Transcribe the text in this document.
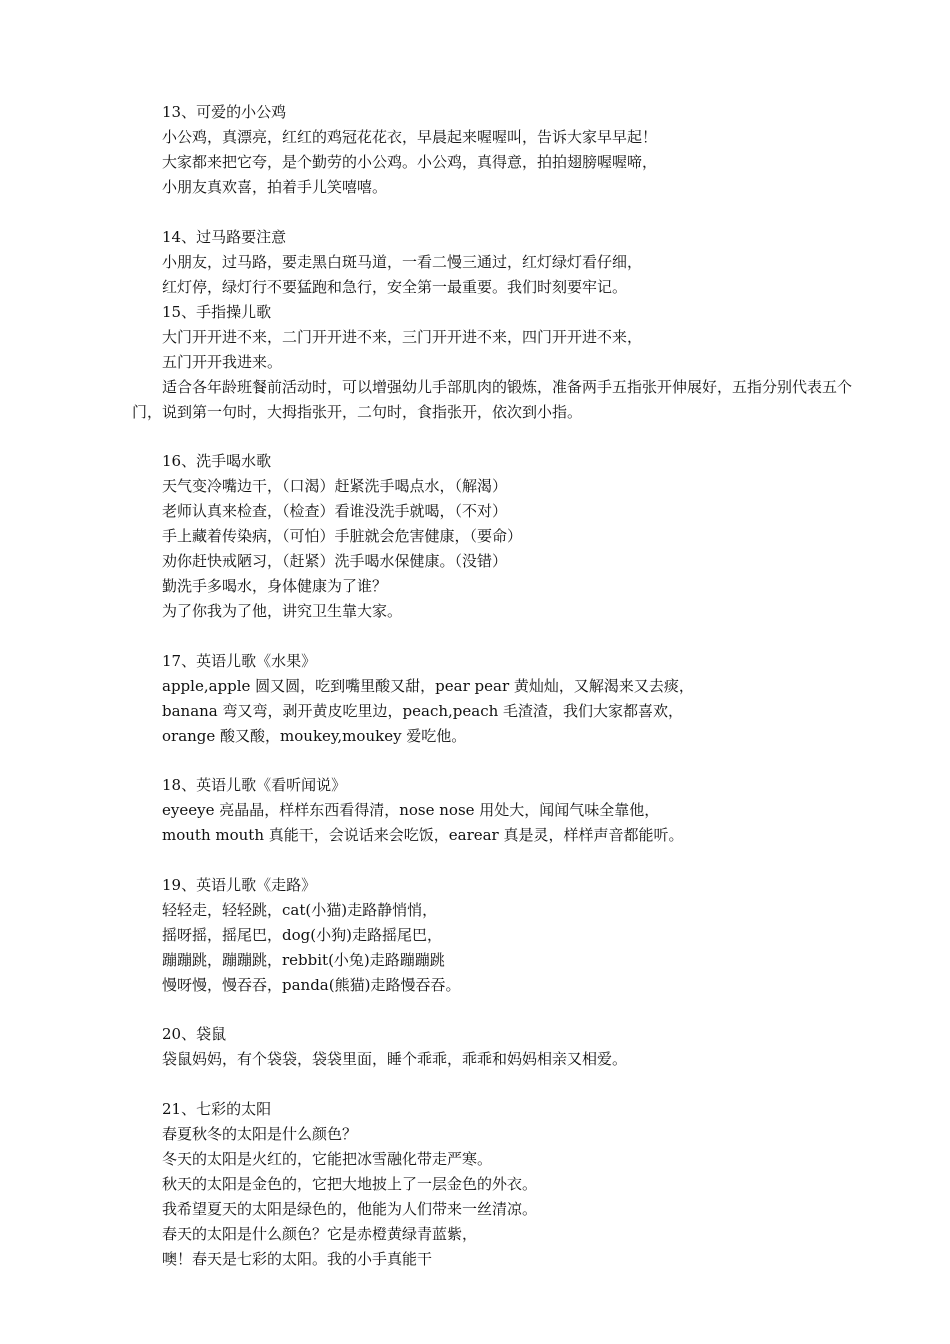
13、可爱的小公鸡
小公鸡，真漂亮，红红的鸡冠花花衣，早晨起来喔喔叫，告诉大家早早起！
大家都来把它夸，是个勤劳的小公鸡。小公鸡，真得意，拍拍翅膀喔喔啼，
小朋友真欢喜，拍着手儿笑嘻嘻。
14、过马路要注意
小朋友，过马路，要走黑白斑马道，一看二慢三通过，红灯绿灯看仔细，
红灯停，绿灯行不要猛跑和急行，安全第一最重要。我们时刻要牢记。
15、手指操儿歌
大门开开进不来，二门开开进不来，三门开开进不来，四门开开进不来，
五门开开我进来。
适合各年龄班餐前活动时，可以增强幼儿手部肌肉的锻炼，准备两手五指张开伸展好，五指分别代表五个门，说到第一句时，大拇指张开，二句时，食指张开，依次到小指。
16、洗手喝水歌
天气变冷嘴边干，（口渴）赶紧洗手喝点水，（解渴）
老师认真来检查，（检查）看谁没洗手就喝，（不对）
手上藏着传染病，（可怕）手脏就会危害健康，（要命）
劝你赶快戒陋习，（赶紧）洗手喝水保健康。（没错）
勤洗手多喝水，身体健康为了谁？
为了你我为了他，讲究卫生靠大家。
17、英语儿歌《水果》
apple,apple 圆又圆，吃到嘴里酸又甜，pear pear 黄灿灿，又解渴来又去痰，
banana 弯又弯，剥开黄皮吃里边，peach,peach 毛渣渣，我们大家都喜欢，
orange 酸又酸，moukey,moukey 爱吃他。
18、英语儿歌《看听闻说》
eyeeye 亮晶晶，样样东西看得清，nose nose 用处大，闻闻气味全靠他，
mouth mouth 真能干，会说话来会吃饭，earear 真是灵，样样声音都能听。
19、英语儿歌《走路》
轻轻走，轻轻跳，cat(小猫)走路静悄悄，
摇呀摇，摇尾巴，dog(小狗)走路摇尾巴，
蹦蹦跳，蹦蹦跳，rebbit(小兔)走路蹦蹦跳
慢呀慢，慢吞吞，panda(熊猫)走路慢吞吞。
20、袋鼠
袋鼠妈妈，有个袋袋，袋袋里面，睡个乖乖，乖乖和妈妈相亲又相爱。
21、七彩的太阳
春夏秋冬的太阳是什么颜色？
冬天的太阳是火红的，它能把冰雪融化带走严寒。
秋天的太阳是金色的，它把大地披上了一层金色的外衣。
我希望夏天的太阳是绿色的，他能为人们带来一丝清凉。
春天的太阳是什么颜色？它是赤橙黄绿青蓝紫，
噢！春天是七彩的太阳。我的小手真能干
